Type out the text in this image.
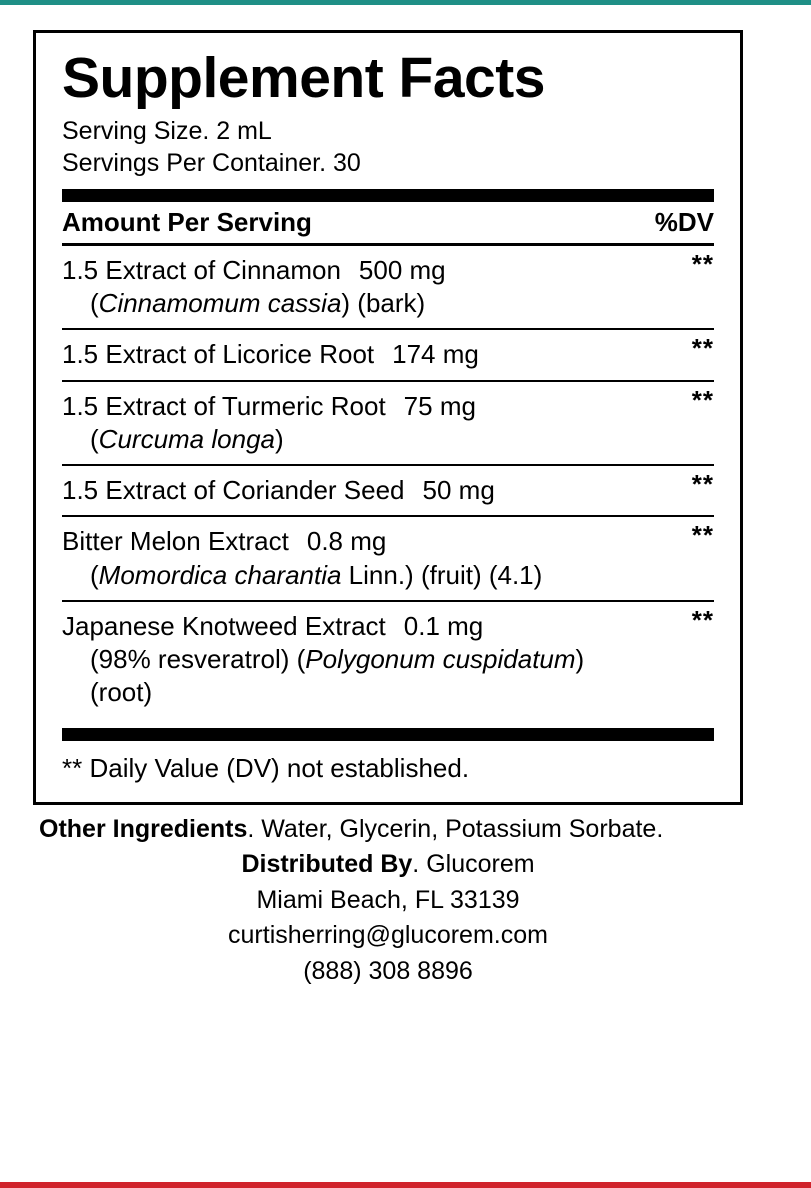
Supplement Facts
Serving Size. 2 mL
Servings Per Container. 30
Amount Per Serving	%DV
1.5 Extract of Cinnamon 500 mg	**
(Cinnamomum cassia) (bark)
1.5 Extract of Licorice Root 174 mg	**
1.5 Extract of Turmeric Root 75 mg	**
(Curcuma longa)
1.5 Extract of Coriander Seed 50 mg	**
Bitter Melon Extract 0.8 mg	**
(Momordica charantia Linn.) (fruit) (4.1)
Japanese Knotweed Extract 0.1 mg	**
(98% resveratrol) (Polygonum cuspidatum)
(root)
** Daily Value (DV) not established.
Other Ingredients. Water, Glycerin, Potassium Sorbate.
Distributed By. Glucorem
Miami Beach, FL 33139
curtisherring@glucorem.com
(888) 308 8896
